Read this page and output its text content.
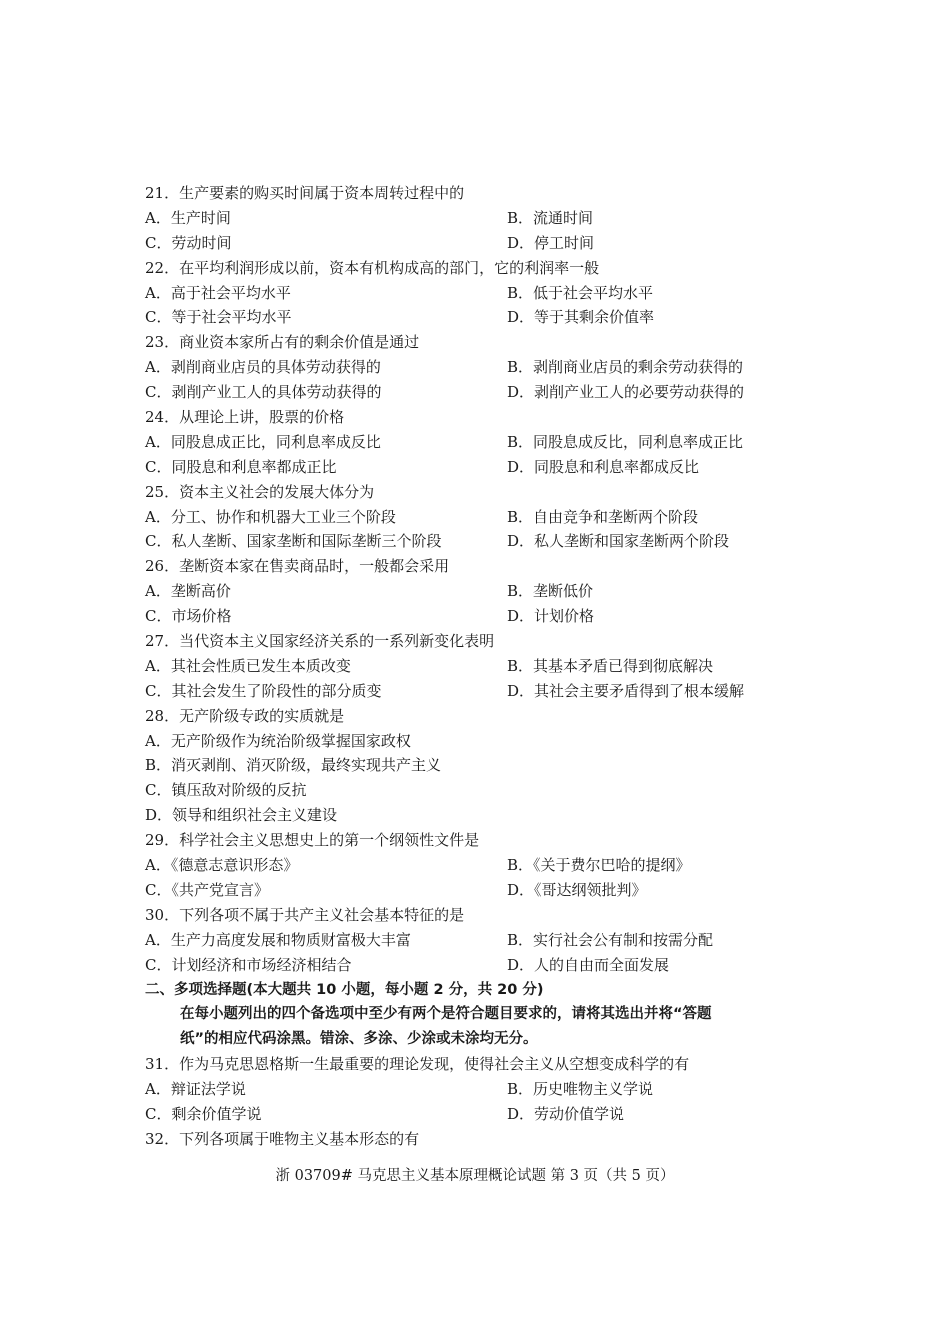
21．生产要素的购买时间属于资本周转过程中的
A．生产时间	B．流通时间
C．劳动时间	D．停工时间
22．在平均利润形成以前，资本有机构成高的部门，它的利润率一般
A．高于社会平均水平	B．低于社会平均水平
C．等于社会平均水平	D．等于其剩余价值率
23．商业资本家所占有的剩余价值是通过
A．剥削商业店员的具体劳动获得的	B．剥削商业店员的剩余劳动获得的
C．剥削产业工人的具体劳动获得的	D．剥削产业工人的必要劳动获得的
24．从理论上讲，股票的价格
A．同股息成正比，同利息率成反比	B．同股息成反比，同利息率成正比
C．同股息和利息率都成正比	D．同股息和利息率都成反比
25．资本主义社会的发展大体分为
A．分工、协作和机器大工业三个阶段	B．自由竞争和垄断两个阶段
C．私人垄断、国家垄断和国际垄断三个阶段	D．私人垄断和国家垄断两个阶段
26．垄断资本家在售卖商品时，一般都会采用
A．垄断高价	B．垄断低价
C．市场价格	D．计划价格
27．当代资本主义国家经济关系的一系列新变化表明
A．其社会性质已发生本质改变	B．其基本矛盾已得到彻底解决
C．其社会发生了阶段性的部分质变	D．其社会主要矛盾得到了根本缓解
28．无产阶级专政的实质就是
A．无产阶级作为统治阶级掌握国家政权
B．消灭剥削、消灭阶级，最终实现共产主义
C．镇压敌对阶级的反抗
D．领导和组织社会主义建设
29．科学社会主义思想史上的第一个纲领性文件是
A．《德意志意识形态》	B．《关于费尔巴哈的提纲》
C．《共产党宣言》	D．《哥达纲领批判》
30．下列各项不属于共产主义社会基本特征的是
A．生产力高度发展和物质财富极大丰富	B．实行社会公有制和按需分配
C．计划经济和市场经济相结合	D．人的自由而全面发展
二、多项选择题(本大题共 10 小题，每小题 2 分，共 20 分)
在每小题列出的四个备选项中至少有两个是符合题目要求的，请将其选出并将“答题
纸”的相应代码涂黑。错涂、多涂、少涂或未涂均无分。
31．作为马克思恩格斯一生最重要的理论发现，使得社会主义从空想变成科学的有
A．辩证法学说	B．历史唯物主义学说
C．剩余价值学说	D．劳动价值学说
32．下列各项属于唯物主义基本形态的有
浙 03709# 马克思主义基本原理概论试题 第 3 页（共 5 页）
